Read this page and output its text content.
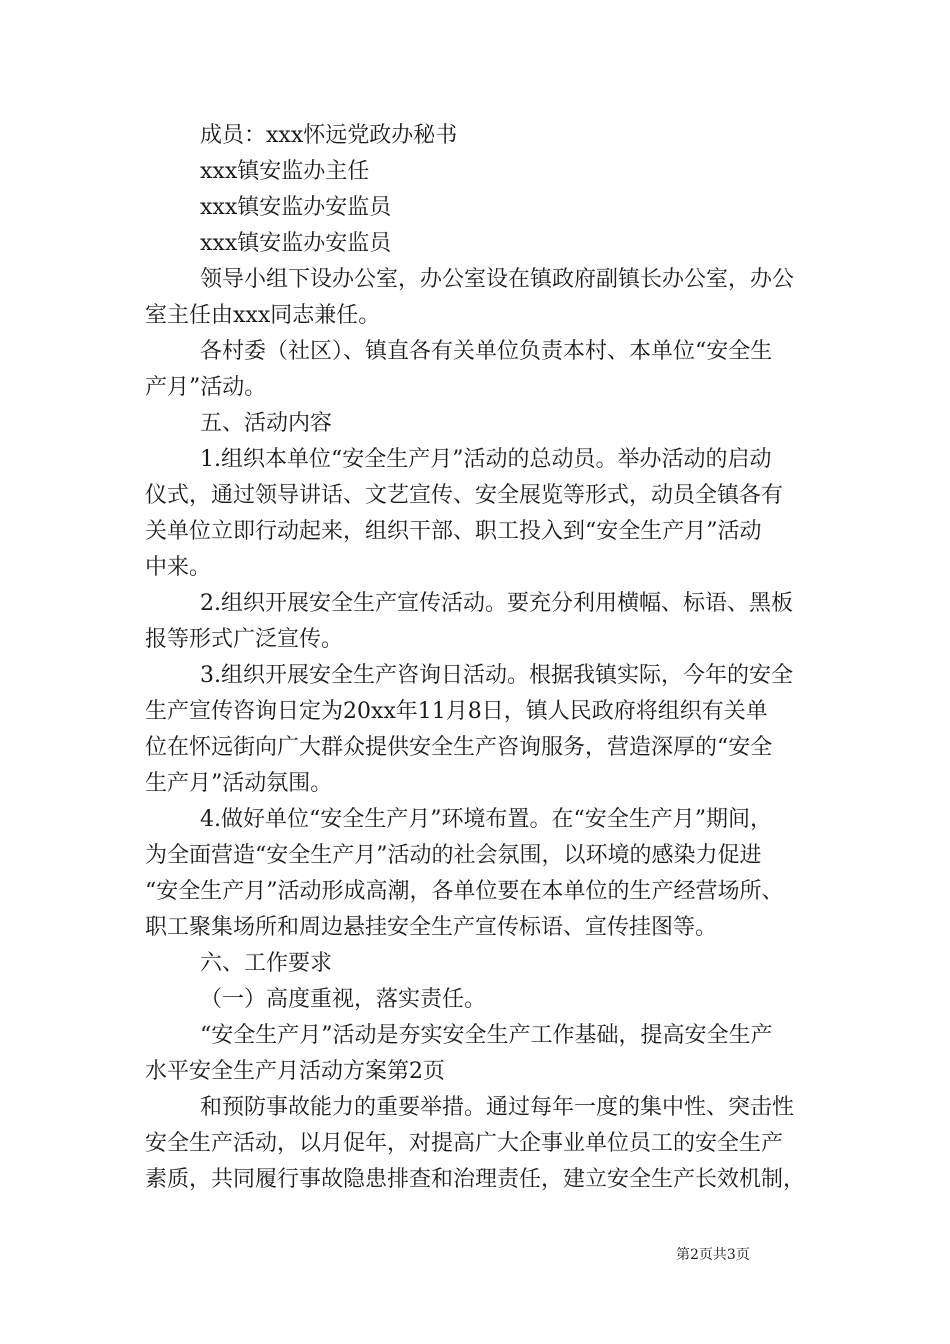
成员：xxx怀远党政办秘书

xxx镇安监办主任

xxx镇安监办安监员

xxx镇安监办安监员

领导小组下设办公室，办公室设在镇政府副镇长办公室，办公

室主任由xxx同志兼任。

各村委（社区）、镇直各有关单位负责本村、本单位“安全生

产月”活动。

五、活动内容

1.组织本单位“安全生产月”活动的总动员。举办活动的启动

仪式，通过领导讲话、文艺宣传、安全展览等形式，动员全镇各有

关单位立即行动起来，组织干部、职工投入到“安全生产月”活动

中来。

2.组织开展安全生产宣传活动。要充分利用横幅、标语、黑板

报等形式广泛宣传。

3.组织开展安全生产咨询日活动。根据我镇实际，今年的安全

生产宣传咨询日定为20xx年11月8日，镇人民政府将组织有关单

位在怀远街向广大群众提供安全生产咨询服务，营造深厚的“安全

生产月”活动氛围。

4.做好单位“安全生产月”环境布置。在“安全生产月”期间，

为全面营造“安全生产月”活动的社会氛围，以环境的感染力促进

“安全生产月”活动形成高潮，各单位要在本单位的生产经营场所、

职工聚集场所和周边悬挂安全生产宣传标语、宣传挂图等。

六、工作要求

（一）高度重视，落实责任。

“安全生产月”活动是夯实安全生产工作基础，提高安全生产

水平安全生产月活动方案第2页

和预防事故能力的重要举措。通过每年一度的集中性、突击性

安全生产活动，以月促年，对提高广大企事业单位员工的安全生产

素质，共同履行事故隐患排查和治理责任，建立安全生产长效机制，

第2页共3页
